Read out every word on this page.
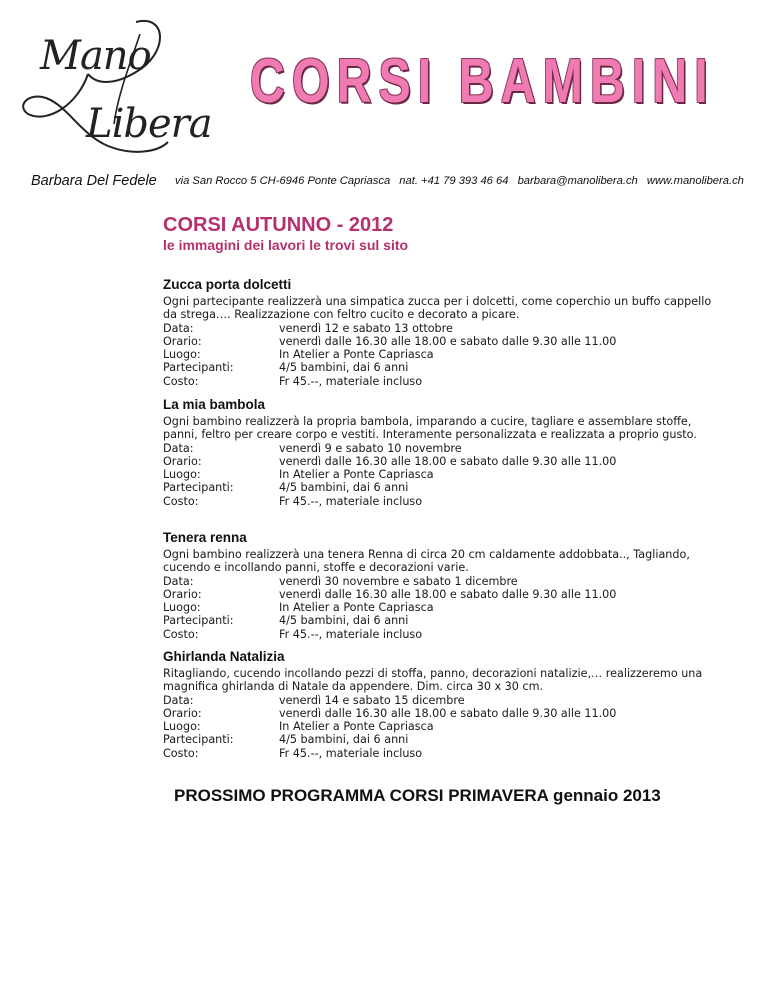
Mano
Libera
CORSI BAMBINI
Barbara Del Fedele via San Rocco 5 CH-6946 Ponte Capriasca nat. +41 79 393 46 64 barbara@manolibera.ch www.manolibera.ch
CORSI AUTUNNO - 2012
le immagini dei lavori le trovi sul sito
Zucca porta dolcetti

Ogni partecipante realizzerà una simpatica zucca per i dolcetti, come coperchio un buffo cappello da strega…. Realizzazione con feltro cucito e decorato a picare.

Data:	venerdì 12 e sabato 13 ottobre
Orario:	venerdì dalle 16.30 alle 18.00 e sabato dalle 9.30 alle 11.00
Luogo:	In Atelier a Ponte Capriasca
Partecipanti:	4/5 bambini, dai 6 anni
Costo:	Fr 45.--, materiale incluso
La mia bambola

Ogni bambino realizzerà la propria bambola, imparando a cucire, tagliare e assemblare stoffe, panni, feltro per creare corpo e vestiti. Interamente personalizzata e realizzata a proprio gusto.

Data:	venerdì 9 e sabato 10 novembre
Orario:	venerdì dalle 16.30 alle 18.00 e sabato dalle 9.30 alle 11.00
Luogo:	In Atelier a Ponte Capriasca
Partecipanti:	4/5 bambini, dai 6 anni
Costo:	Fr 45.--, materiale incluso
Tenera renna

Ogni bambino realizzerà una tenera Renna di circa 20 cm caldamente addobbata.., Tagliando, cucendo e incollando panni, stoffe e decorazioni varie.

Data:	venerdì 30 novembre e sabato 1 dicembre
Orario:	venerdì dalle 16.30 alle 18.00 e sabato dalle 9.30 alle 11.00
Luogo:	In Atelier a Ponte Capriasca
Partecipanti:	4/5 bambini, dai 6 anni
Costo:	Fr 45.--, materiale incluso
Ghirlanda Natalizia

Ritagliando, cucendo incollando pezzi di stoffa, panno, decorazioni natalizie,… realizzeremo una magnifica ghirlanda di Natale da appendere. Dim. circa 30 x 30 cm.

Data:	venerdì 14 e sabato 15 dicembre
Orario:	venerdì dalle 16.30 alle 18.00 e sabato dalle 9.30 alle 11.00
Luogo:	In Atelier a Ponte Capriasca
Partecipanti:	4/5 bambini, dai 6 anni
Costo:	Fr 45.--, materiale incluso
PROSSIMO PROGRAMMA CORSI PRIMAVERA gennaio 2013
